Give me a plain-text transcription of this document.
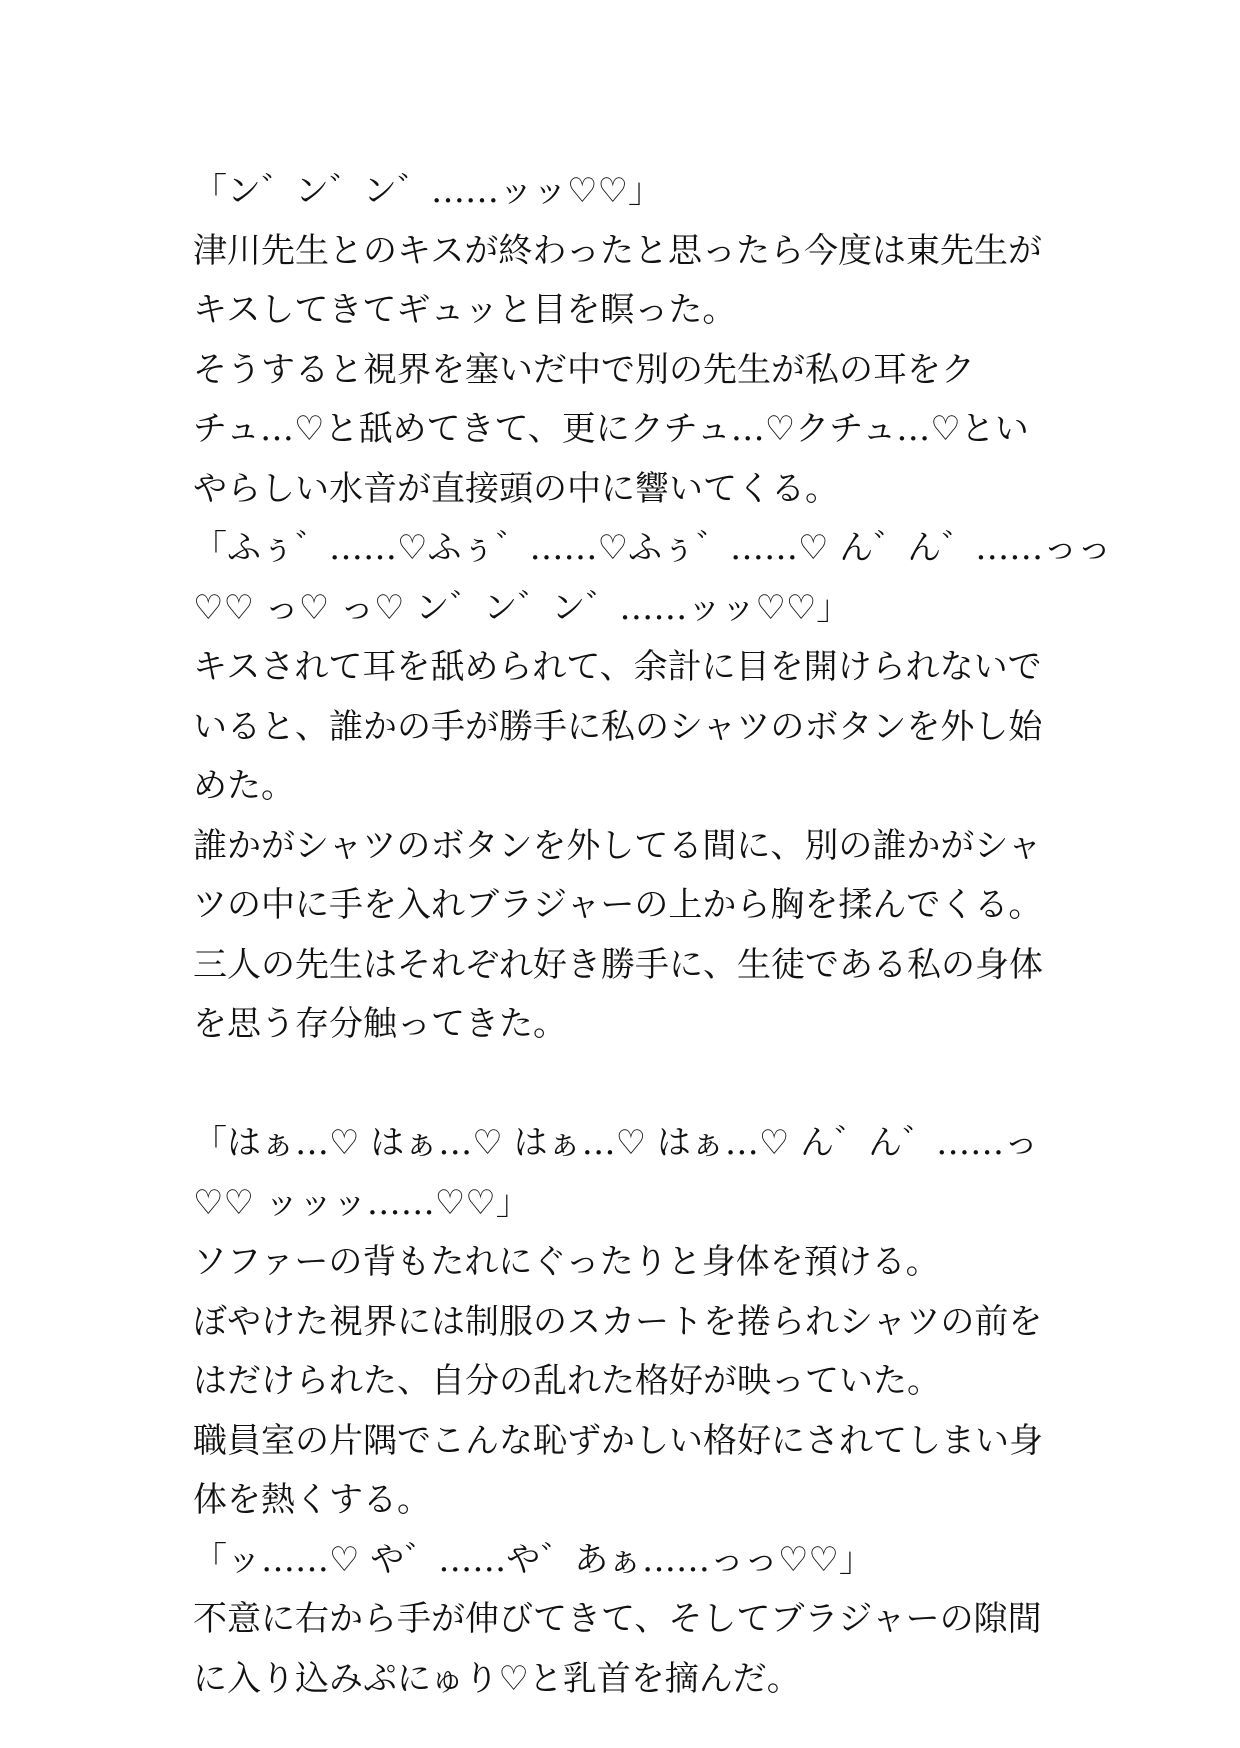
「ン゛ン゛ン゛……ッッ♡♡」
津川先生とのキスが終わったと思ったら今度は東先生が
キスしてきてギュッと目を瞑った。
そうすると視界を塞いだ中で別の先生が私の耳をク
チュ…♡と舐めてきて、更にクチュ…♡クチュ…♡とい
やらしい水音が直接頭の中に響いてくる。
「ふぅ゛……♡ふぅ゛……♡ふぅ゛……♡ ん゛ん゛……っっ
♡♡ っ♡ っ♡ ン゛ン゛ン゛……ッッ♡♡」
キスされて耳を舐められて、余計に目を開けられないで
いると、誰かの手が勝手に私のシャツのボタンを外し始
めた。
誰かがシャツのボタンを外してる間に、別の誰かがシャ
ツの中に手を入れブラジャーの上から胸を揉んでくる。
三人の先生はそれぞれ好き勝手に、生徒である私の身体
を思う存分触ってきた。
「はぁ…♡ はぁ…♡ はぁ…♡ はぁ…♡ ん゛ん゛……っ
♡♡ ッッッ……♡♡」
ソファーの背もたれにぐったりと身体を預ける。
ぼやけた視界には制服のスカートを捲られシャツの前を
はだけられた、自分の乱れた格好が映っていた。
職員室の片隅でこんな恥ずかしい格好にされてしまい身
体を熱くする。
「ッ……♡ や゛……や゛あぁ……っっ♡♡」
不意に右から手が伸びてきて、そしてブラジャーの隙間
に入り込みぷにゅり♡と乳首を摘んだ。
